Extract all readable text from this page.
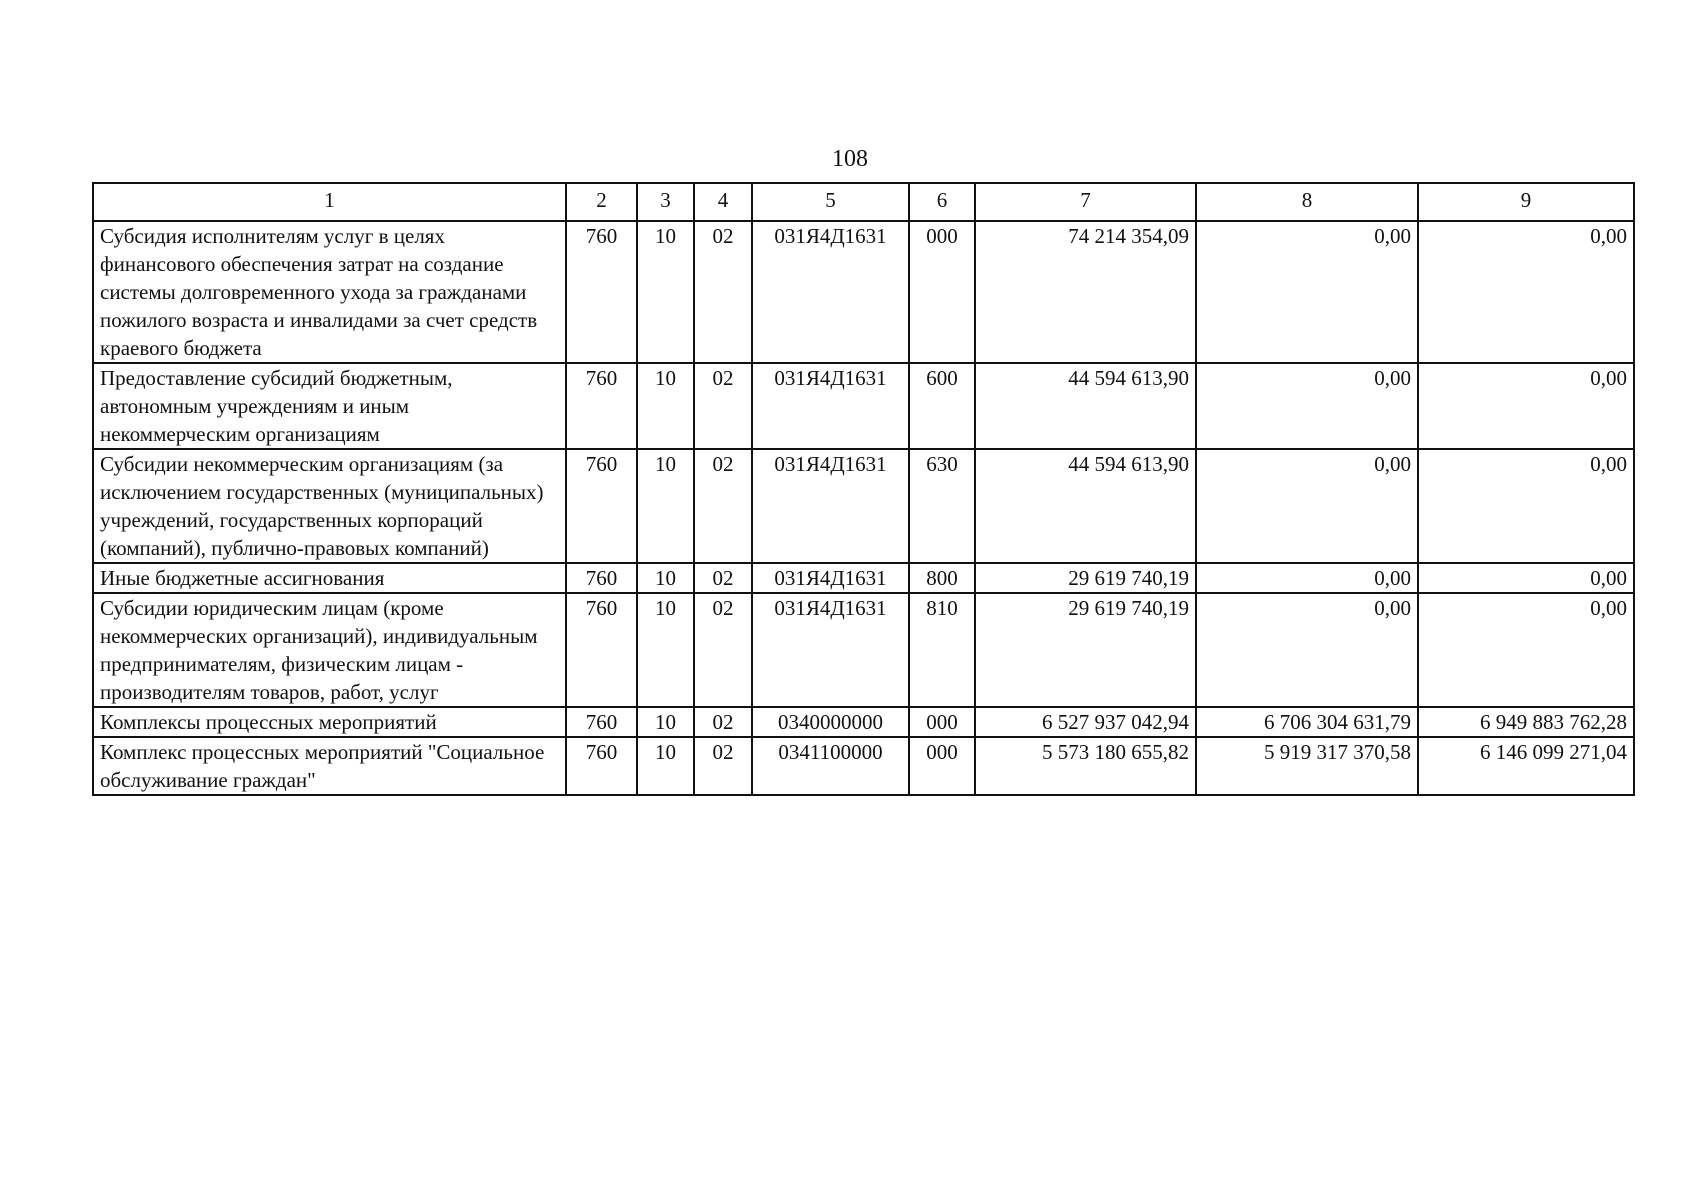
108
1	2	3	4	5	6	7	8	9
Субсидия исполнителям услуг в целях финансового обеспечения затрат на создание системы долговременного ухода за гражданами пожилого возраста и инвалидами за счет средств краевого бюджета	760	10	02	031Я4Д1631	000	74 214 354,09	0,00	0,00
Предоставление субсидий бюджетным, автономным учреждениям и иным некоммерческим организациям	760	10	02	031Я4Д1631	600	44 594 613,90	0,00	0,00
Субсидии некоммерческим организациям (за исключением государственных (муниципальных) учреждений, государственных корпораций (компаний), публично-правовых компаний)	760	10	02	031Я4Д1631	630	44 594 613,90	0,00	0,00
Иные бюджетные ассигнования	760	10	02	031Я4Д1631	800	29 619 740,19	0,00	0,00
Субсидии юридическим лицам (кроме некоммерческих организаций), индивидуальным предпринимателям, физическим лицам - производителям товаров, работ, услуг	760	10	02	031Я4Д1631	810	29 619 740,19	0,00	0,00
Комплексы процессных мероприятий	760	10	02	0340000000	000	6 527 937 042,94	6 706 304 631,79	6 949 883 762,28
Комплекс процессных мероприятий "Социальное обслуживание граждан"	760	10	02	0341100000	000	5 573 180 655,82	5 919 317 370,58	6 146 099 271,04
